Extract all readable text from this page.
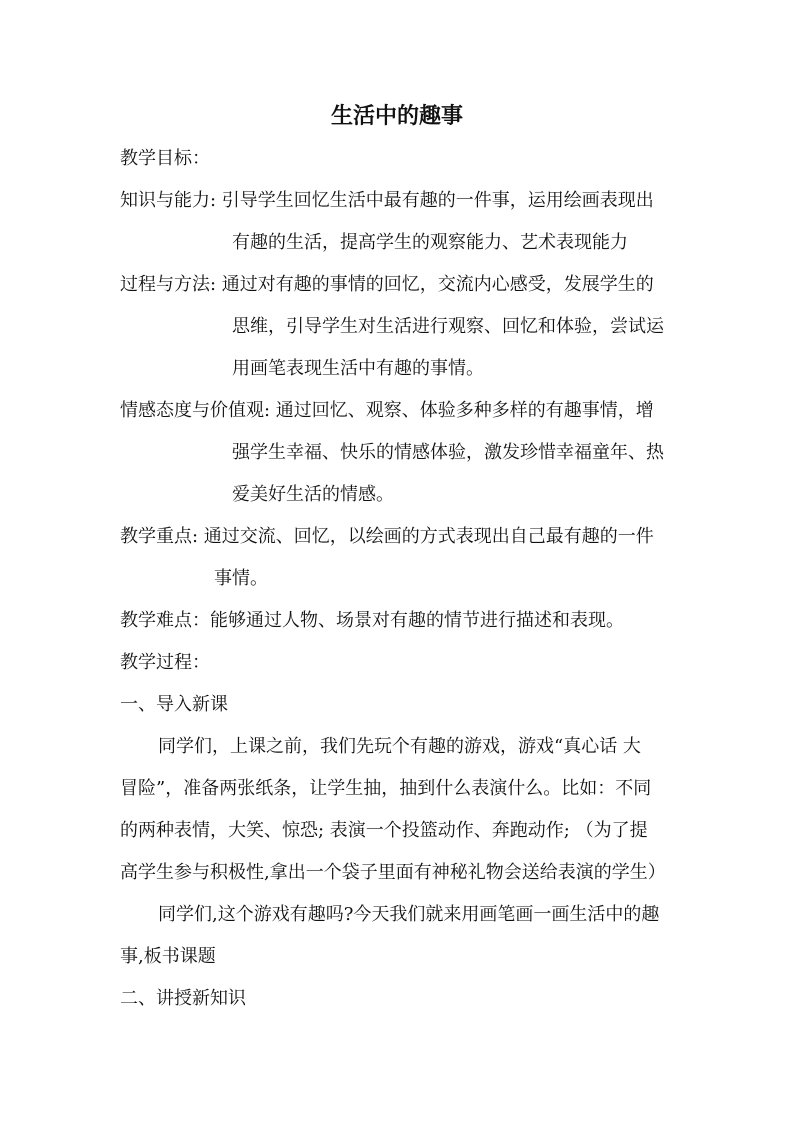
生活中的趣事
教学目标：
知识与能力: 引导学生回忆生活中最有趣的一件事，运用绘画表现出
有趣的生活，提高学生的观察能力、艺术表现能力
过程与方法: 通过对有趣的事情的回忆，交流内心感受，发展学生的
思维，引导学生对生活进行观察、回忆和体验，尝试运
用画笔表现生活中有趣的事情。
情感态度与价值观: 通过回忆、观察、体验多种多样的有趣事情，增
强学生幸福、快乐的情感体验，激发珍惜幸福童年、热
爱美好生活的情感。
教学重点: 通过交流、回忆，以绘画的方式表现出自己最有趣的一件
事情。
教学难点：能够通过人物、场景对有趣的情节进行描述和表现。
教学过程：
一、导入新课
同学们，上课之前，我们先玩个有趣的游戏，游戏“真心话 大
冒险”，准备两张纸条，让学生抽，抽到什么表演什么。比如：不同
的两种表情，大笑、惊恐; 表演一个投篮动作、奔跑动作; （为了提
高学生参与积极性,拿出一个袋子里面有神秘礼物会送给表演的学生）
同学们,这个游戏有趣吗?今天我们就来用画笔画一画生活中的趣
事,板书课题
二、讲授新知识
